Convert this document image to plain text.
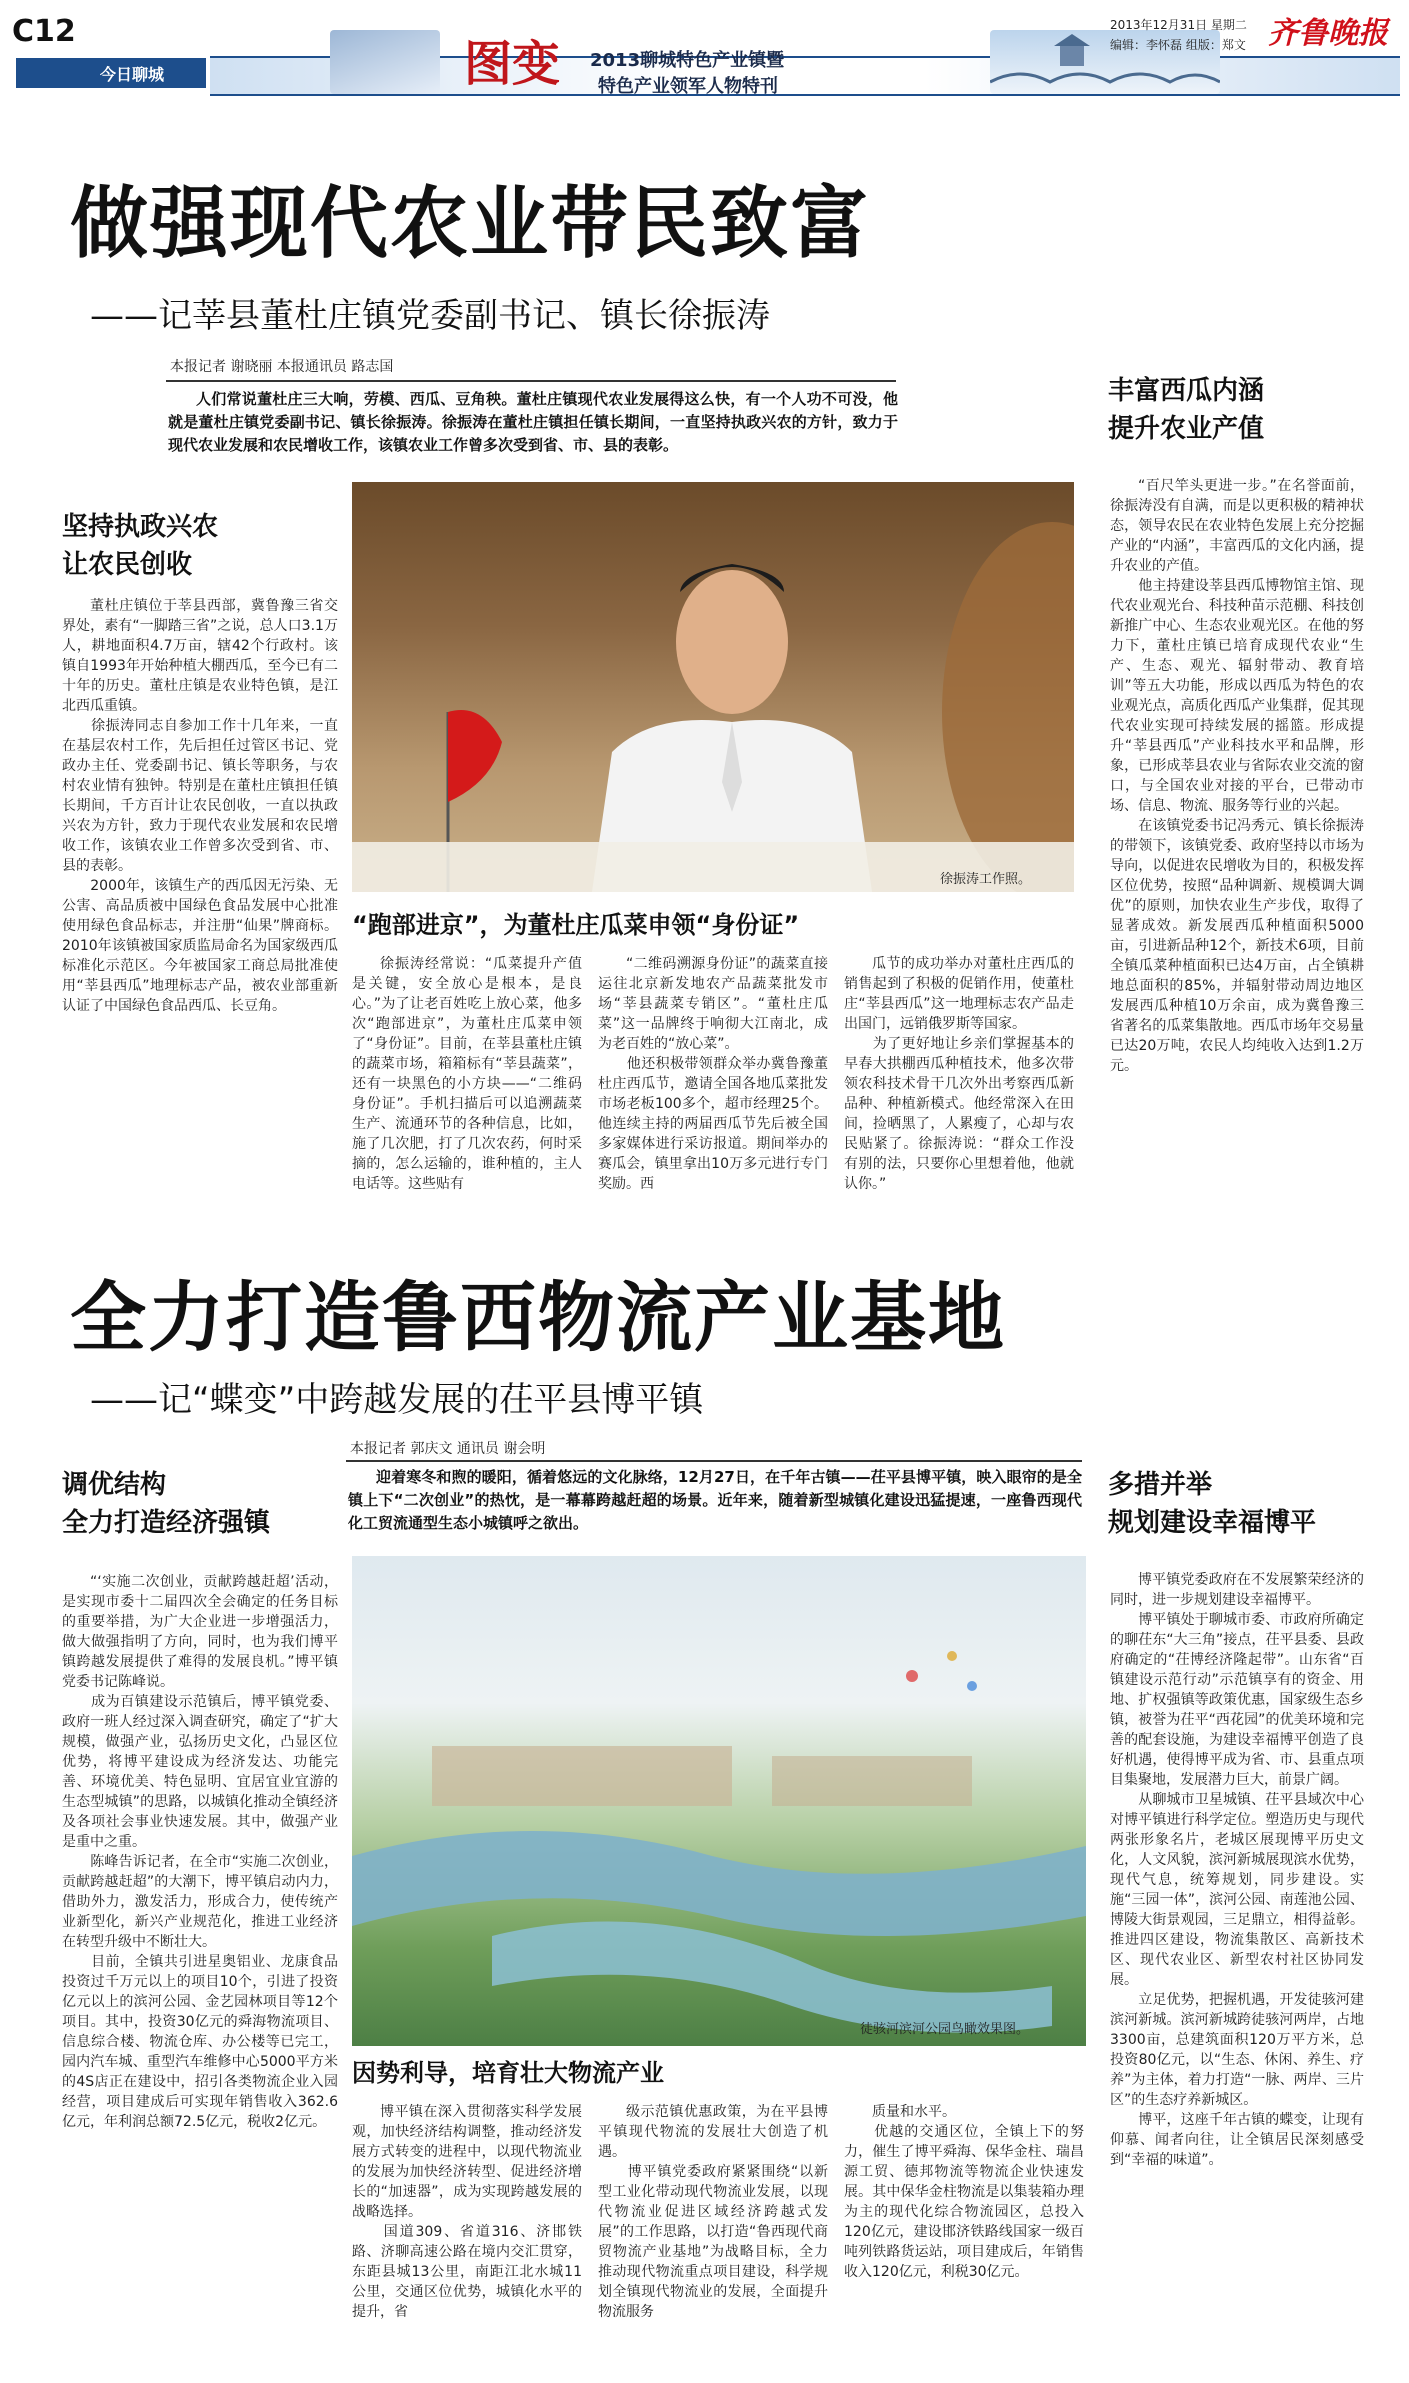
C12
今日聊城	图变	2013聊城特色产业镇暨
特色产业领军人物特刊
2013年12月31日 星期二
编辑：李怀磊 组版：郑文 齐鲁晚报
做强现代农业带民致富
——记莘县董杜庄镇党委副书记、镇长徐振涛
本报记者 谢晓丽 本报通讯员 路志国
人们常说董杜庄三大响，劳模、西瓜、豆角秧。董杜庄镇现代农业发展得这么快，有一个人功不可没，他就是董杜庄镇党委副书记、镇长徐振涛。徐振涛在董杜庄镇担任镇长期间，一直坚持执政兴农的方针，致力于现代农业发展和农民增收工作，该镇农业工作曾多次受到省、市、县的表彰。
坚持执政兴农
让农民创收
董杜庄镇位于莘县西部，冀鲁豫三省交界处，素有“一脚踏三省”之说，总人口3.1万人，耕地面积4.7万亩，辖42个行政村。该镇自1993年开始种植大棚西瓜，至今已有二十年的历史。董杜庄镇是农业特色镇，是江北西瓜重镇。
　　徐振涛同志自参加工作十几年来，一直在基层农村工作，先后担任过管区书记、党政办主任、党委副书记、镇长等职务，与农村农业情有独钟。特别是在董杜庄镇担任镇长期间，千方百计让农民创收，一直以执政兴农为方针，致力于现代农业发展和农民增收工作，该镇农业工作曾多次受到省、市、县的表彰。
　　2000年，该镇生产的西瓜因无污染、无公害、高品质被中国绿色食品发展中心批准使用绿色食品标志，并注册“仙果”牌商标。2010年该镇被国家质监局命名为国家级西瓜标准化示范区。今年被国家工商总局批准使用“莘县西瓜”地理标志产品，被农业部重新认证了中国绿色食品西瓜、长豆角。
徐振涛工作照。
“跑部进京”，为董杜庄瓜菜申领“身份证”
徐振涛经常说：“瓜菜提升产值是关键，安全放心是根本，是良心。”为了让老百姓吃上放心菜，他多次“跑部进京”，为董杜庄瓜菜申领了“身份证”。目前，在莘县董杜庄镇的蔬菜市场，箱箱标有“莘县蔬菜”，还有一块黑色的小方块——“二维码身份证”。手机扫描后可以追溯蔬菜生产、流通环节的各种信息，比如，施了几次肥，打了几次农药，何时采摘的，怎么运输的，谁种植的，主人电话等。这些贴有
“二维码溯源身份证”的蔬菜直接运往北京新发地农产品蔬菜批发市场“莘县蔬菜专销区”。“董杜庄瓜菜”这一品牌终于响彻大江南北，成为老百姓的“放心菜”。
　　他还积极带领群众举办冀鲁豫董杜庄西瓜节，邀请全国各地瓜菜批发市场老板100多个，超市经理25个。他连续主持的两届西瓜节先后被全国多家媒体进行采访报道。期间举办的赛瓜会，镇里拿出10万多元进行专门奖励。西
瓜节的成功举办对董杜庄西瓜的销售起到了积极的促销作用，使董杜庄“莘县西瓜”这一地理标志农产品走出国门，远销俄罗斯等国家。
　　为了更好地让乡亲们掌握基本的早春大拱棚西瓜种植技术，他多次带领农科技术骨干几次外出考察西瓜新品种、种植新模式。他经常深入在田间，捡晒黑了，人累瘦了，心却与农民贴紧了。徐振涛说：“群众工作没有别的法，只要你心里想着他，他就认你。”
丰富西瓜内涵
提升农业产值
“百尺竿头更进一步。”在名誉面前，徐振涛没有自满，而是以更积极的精神状态，领导农民在农业特色发展上充分挖掘产业的“内涵”，丰富西瓜的文化内涵，提升农业的产值。
　　他主持建设莘县西瓜博物馆主馆、现代农业观光台、科技种苗示范棚、科技创新推广中心、生态农业观光区。在他的努力下，董杜庄镇已培育成现代农业“生产、生态、观光、辐射带动、教育培训”等五大功能，形成以西瓜为特色的农业观光点，高质化西瓜产业集群，促其现代农业实现可持续发展的摇篮。形成提升“莘县西瓜”产业科技水平和品牌，形象，已形成莘县农业与省际农业交流的窗口，与全国农业对接的平台，已带动市场、信息、物流、服务等行业的兴起。
　　在该镇党委书记冯秀元、镇长徐振涛的带领下，该镇党委、政府坚持以市场为导向，以促进农民增收为目的，积极发挥区位优势，按照“品种调新、规模调大调优”的原则，加快农业生产步伐，取得了显著成效。新发展西瓜种植面积5000亩，引进新品种12个，新技术6项，目前全镇瓜菜种植面积已达4万亩，占全镇耕地总面积的85%，并辐射带动周边地区发展西瓜种植10万余亩，成为冀鲁豫三省著名的瓜菜集散地。西瓜市场年交易量已达20万吨，农民人均纯收入达到1.2万元。
全力打造鲁西物流产业基地
——记“蝶变”中跨越发展的茌平县博平镇
本报记者 郭庆文 通讯员 谢会明
迎着寒冬和煦的暖阳，循着悠远的文化脉络，12月27日，在千年古镇——茌平县博平镇，映入眼帘的是全镇上下“二次创业”的热忱，是一幕幕跨越赶超的场景。近年来，随着新型城镇化建设迅猛提速，一座鲁西现代化工贸流通型生态小城镇呼之欲出。
调优结构
全力打造经济强镇
“‘实施二次创业，贡献跨越赶超’活动，是实现市委十二届四次全会确定的任务目标的重要举措，为广大企业进一步增强活力，做大做强指明了方向，同时，也为我们博平镇跨越发展提供了难得的发展良机。”博平镇党委书记陈峰说。
　　成为百镇建设示范镇后，博平镇党委、政府一班人经过深入调查研究，确定了“扩大规模，做强产业，弘扬历史文化，凸显区位优势，将博平建设成为经济发达、功能完善、环境优美、特色显明、宜居宜业宜游的生态型城镇”的思路，以城镇化推动全镇经济及各项社会事业快速发展。其中，做强产业是重中之重。
　　陈峰告诉记者，在全市“实施二次创业，贡献跨越赶超”的大潮下，博平镇启动内力，借助外力，激发活力，形成合力，使传统产业新型化，新兴产业规范化，推进工业经济在转型升级中不断壮大。
　　目前，全镇共引进星奥铝业、龙康食品投资过千万元以上的项目10个，引进了投资亿元以上的滨河公园、金艺园林项目等12个项目。其中，投资30亿元的舜海物流项目、信息综合楼、物流仓库、办公楼等已完工，园内汽车城、重型汽车维修中心5000平方米的4S店正在建设中，招引各类物流企业入园经营，项目建成后可实现年销售收入362.6亿元，年利润总额72.5亿元，税收2亿元。
徒骇河滨河公园鸟瞰效果图。
因势利导，培育壮大物流产业
博平镇在深入贯彻落实科学发展观，加快经济结构调整，推动经济发展方式转变的进程中，以现代物流业的发展为加快经济转型、促进经济增长的“加速器”，成为实现跨越发展的战略选择。
　　国道309、省道316、济邯铁路、济聊高速公路在境内交汇贯穿，东距县城13公里，南距江北水城11公里，交通区位优势，城镇化水平的提升，省
级示范镇优惠政策，为在平县博平镇现代物流的发展壮大创造了机遇。
　　博平镇党委政府紧紧围绕“以新型工业化带动现代物流业发展，以现代物流业促进区域经济跨越式发展”的工作思路，以打造“鲁西现代商贸物流产业基地”为战略目标，全力推动现代物流重点项目建设，科学规划全镇现代物流业的发展，全面提升物流服务
质量和水平。
　　优越的交通区位，全镇上下的努力，催生了博平舜海、保华金柱、瑞昌源工贸、德邦物流等物流企业快速发展。其中保华金柱物流是以集装箱办理为主的现代化综合物流园区，总投入120亿元，建设邯济铁路线国家一级百吨列铁路货运站，项目建成后，年销售收入120亿元，利税30亿元。
多措并举
规划建设幸福博平
博平镇党委政府在不发展繁荣经济的同时，进一步规划建设幸福博平。
　　博平镇处于聊城市委、市政府所确定的聊茌东“大三角”接点，茌平县委、县政府确定的“茌博经济隆起带”。山东省“百镇建设示范行动”示范镇享有的资金、用地、扩权强镇等政策优惠，国家级生态乡镇，被誉为茌平“西花园”的优美环境和完善的配套设施，为建设幸福博平创造了良好机遇，使得博平成为省、市、县重点项目集聚地，发展潜力巨大，前景广阔。
　　从聊城市卫星城镇、茌平县域次中心对博平镇进行科学定位。塑造历史与现代两张形象名片，老城区展现博平历史文化，人文风貌，滨河新城展现滨水优势，现代气息，统筹规划，同步建设。实施“三园一体”，滨河公园、南莲池公园、博陵大街景观园，三足鼎立，相得益彰。推进四区建设，物流集散区、高新技术区、现代农业区、新型农村社区协同发展。
　　立足优势，把握机遇，开发徒骇河建滨河新城。滨河新城跨徒骇河两岸，占地3300亩，总建筑面积120万平方米，总投资80亿元，以“生态、休闲、养生、疗养”为主体，着力打造“一脉、两岸、三片区”的生态疗养新城区。
　　博平，这座千年古镇的蝶变，让现有仰慕、闻者向往，让全镇居民深刻感受到“幸福的味道”。
